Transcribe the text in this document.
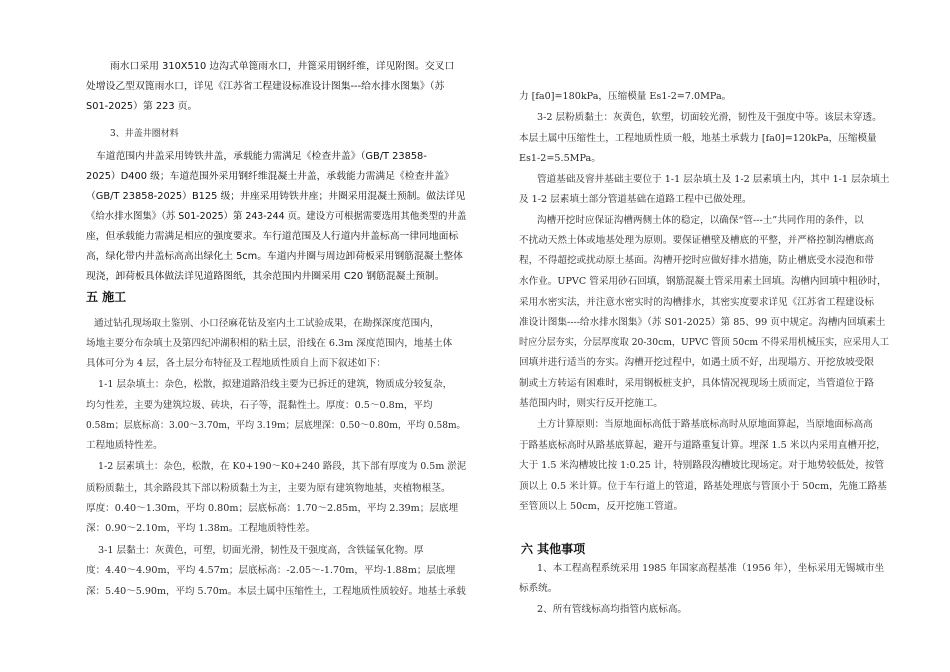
雨水口采用 310X510 边沟式单篦雨水口，井篦采用钢纤维，详见附图。交叉口
处增设乙型双篦雨水口，详见《江苏省工程建设标准设计图集---给水排水图集》（苏
S01-2025）第 223 页。
3、井盖井圈材料
车道范围内井盖采用铸铁井盖，承载能力需满足《检查井盖》（GB/T 23858-
2025）D400 级；车道范围外采用钢纤维混凝土井盖，承载能力需满足《检查井盖》
（GB/T 23858-2025）B125 级；井座采用铸铁井座；井圈采用混凝土预制。做法详见
《给水排水图集》（苏 S01-2025）第 243-244 页。建设方可根据需要选用其他类型的井盖
座，但承载能力需满足相应的强度要求。车行道范围及人行道内井盖标高一律同地面标
高，绿化带内井盖标高高出绿化土 5cm。车道内井圈与周边卸荷板采用钢筋混凝土整体
现浇，卸荷板具体做法详见道路图纸，其余范围内井圈采用 C20 钢筋混凝土预制。
五 施工
通过钻孔现场取土鉴别、小口径麻花钻及室内土工试验成果，在勘探深度范围内，
场地主要分布杂填土及第四纪冲湖积相的粘土层，沿线在 6.3m 深度范围内，地基土体
具体可分为 4 层，各土层分布特征及工程地质性质自上而下叙述如下：
1-1 层杂填土：杂色，松散，拟建道路沿线主要为已拆迁的建筑，物质成分较复杂，
均匀性差，主要为建筑垃圾、砖块，石子等，混黏性土。厚度：0.5～0.8m，平均
0.58m；层底标高：3.00～3.70m，平均 3.19m；层底埋深：0.50～0.80m，平均 0.58m。
工程地质特性差。
1-2 层素填土：杂色，松散，在 K0+190～K0+240 路段，其下部有厚度为 0.5m 淤泥
质粉质黏土，其余路段其下部以粉质黏土为主，主要为原有建筑物地基，夹植物根茎。
厚度：0.40～1.30m，平均 0.80m；层底标高：1.70～2.85m，平均 2.39m；层底埋
深：0.90～2.10m，平均 1.38m。工程地质特性差。
3-1 层黏土：灰黄色，可塑，切面光滑，韧性及干强度高，含铁锰氧化物。厚
度：4.40～4.90m，平均 4.57m；层底标高：-2.05～-1.70m，平均-1.88m；层底埋
深：5.40～5.90m，平均 5.70m。本层土属中压缩性土，工程地质性质较好。地基土承载
力 [fa0]=180kPa，压缩模量 Es1-2=7.0MPa。
3-2 层粉质黏土：灰黄色，软塑，切面较光滑，韧性及干强度中等。该层未穿透。
本层土属中压缩性土，工程地质性质一般，地基土承载力 [fa0]=120kPa，压缩模量
Es1-2=5.5MPa。
管道基础及窨井基础主要位于 1-1 层杂填土及 1-2 层素填土内，其中 1-1 层杂填土
及 1-2 层素填土部分管道基础在道路工程中已做处理。
沟槽开挖时应保证沟槽两侧土体的稳定，以确保“管---土”共同作用的条件，以
不扰动天然土体或地基处理为原则。要保证槽壁及槽底的平整，并严格控制沟槽底高
程，不得超挖或扰动原土基面。沟槽开挖时应做好排水措施，防止槽底受水浸泡和带
水作业。UPVC 管采用砂石回填，钢筋混凝土管采用素土回填。沟槽内回填中粗砂时，
采用水密实法，并注意水密实时的沟槽排水，其密实度要求详见《江苏省工程建设标
准设计图集----给水排水图集》（苏 S01-2025）第 85、99 页中规定。沟槽内回填素土
时应分层夯实，分层厚度取 20-30cm，UPVC 管顶 50cm 不得采用机械压实，应采用人工
回填并进行适当的夯实。沟槽开挖过程中，如遇土质不好，出现塌方、开挖放坡受限
制或土方转运有困难时，采用钢板桩支护，具体情况视现场土质而定，当管道位于路
基范围内时，则实行反开挖施工。
土方计算原则：当原地面标高低于路基底标高时从原地面算起，当原地面标高高
于路基底标高时从路基底算起，避开与道路重复计算。埋深 1.5 米以内采用直槽开挖，
大于 1.5 米沟槽坡比按 1:0.25 计，特别路段沟槽坡比现场定。对于地势较低处，按管
顶以上 0.5 米计算。位于车行道上的管道，路基处理底与管顶小于 50cm，先施工路基
至管顶以上 50cm，反开挖施工管道。
六 其他事项
1、本工程高程系统采用 1985 年国家高程基准（1956 年），坐标采用无锡城市坐
标系统。
2、所有管线标高均指管内底标高。
